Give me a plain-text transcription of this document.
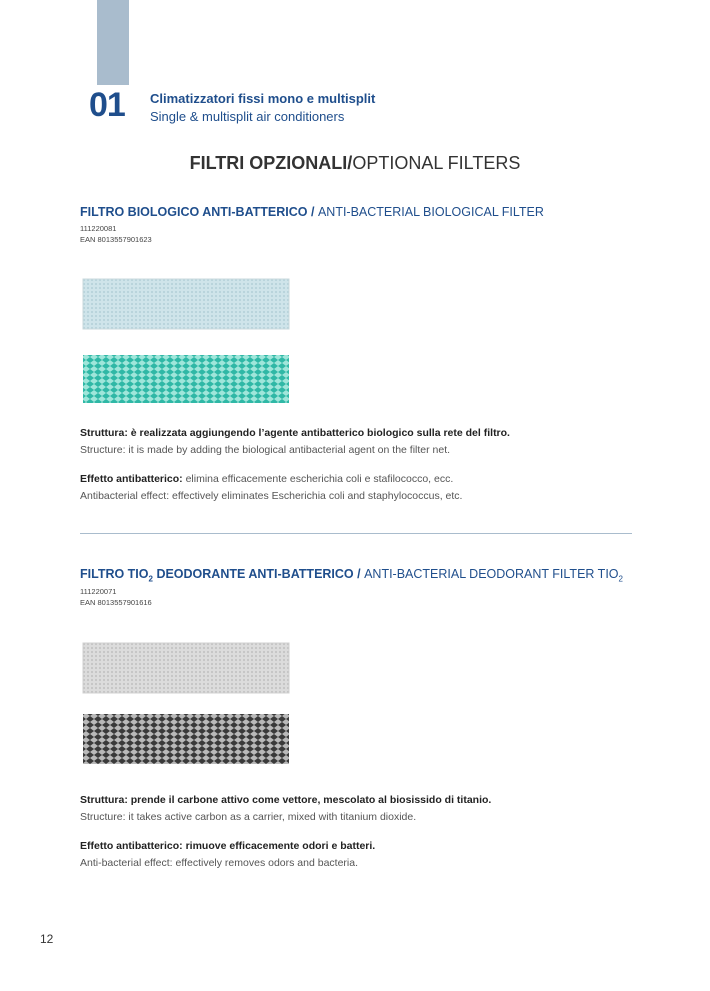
01 Climatizzatori fissi mono e multisplit
Single & multisplit air conditioners
FILTRI OPZIONALI/OPTIONAL FILTERS
FILTRO BIOLOGICO ANTI-BATTERICO / ANTI-BACTERIAL BIOLOGICAL FILTER
111220081
EAN 8013557901623
Struttura: è realizzata aggiungendo l’agente antibatterico biologico sulla rete del filtro.
Structure: it is made by adding the biological antibacterial agent on the filter net.
Effetto antibatterico: elimina efficacemente escherichia coli e stafilococco, ecc.
Antibacterial effect: effectively eliminates Escherichia coli and staphylococcus, etc.
FILTRO $TIO_2$ DEODORANTE ANTI-BATTERICO / ANTI-BACTERIAL DEODORANT FILTER $TIO_2$
111220071
EAN 8013557901616
Struttura: prende il carbone attivo come vettore, mescolato al biosissido di titanio.
Structure: it takes active carbon as a carrier, mixed with titanium dioxide.
Effetto antibatterico: rimuove efficacemente odori e batteri.
Anti-bacterial effect: effectively removes odors and bacteria.
12
